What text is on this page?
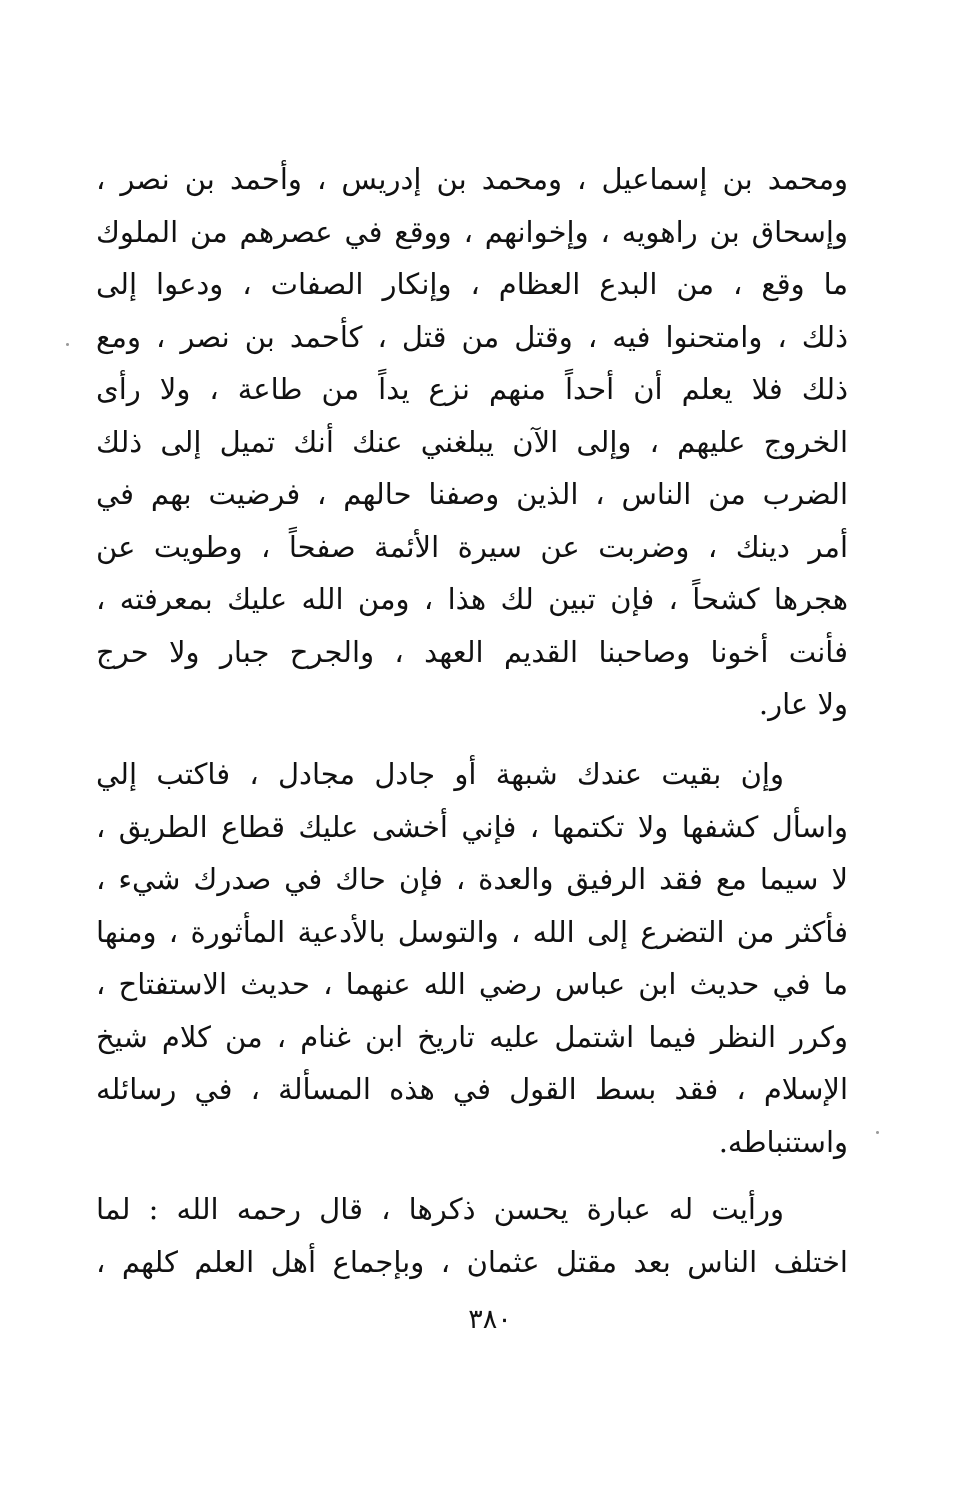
ومحمد بن إسماعيل ، ومحمد بن إدريس ، وأحمد بن نصر ،
وإسحاق بن راهويه ، وإخوانهم ، ووقع في عصرهم من الملوك
ما وقع ، من البدع العظام ، وإنكار الصفات ، ودعوا إلى
ذلك ، وامتحنوا فيه ، وقتل من قتل ، كأحمد بن نصر ، ومع
ذلك فلا يعلم أن أحداً منهم نزع يداً من طاعة ، ولا رأى
الخروج عليهم ، وإلى الآن يبلغني عنك أنك تميل إلى ذلك
الضرب من الناس ، الذين وصفنا حالهم ، فرضيت بهم في
أمر دينك ، وضربت عن سيرة الأئمة صفحاً ، وطويت عن
هجرها كشحاً ، فإن تبين لك هذا ، ومن الله عليك بمعرفته ،
فأنت أخونا وصاحبنا القديم العهد ، والجرح جبار ولا حرج
ولا عار.
وإن بقيت عندك شبهة أو جادل مجادل ، فاكتب إلي
واسأل كشفها ولا تكتمها ، فإني أخشى عليك قطاع الطريق ،
لا سيما مع فقد الرفيق والعدة ، فإن حاك في صدرك شيء ،
فأكثر من التضرع إلى الله ، والتوسل بالأدعية المأثورة ، ومنها
ما في حديث ابن عباس رضي الله عنهما ، حديث الاستفتاح ،
وكرر النظر فيما اشتمل عليه تاريخ ابن غنام ، من كلام شيخ
الإسلام ، فقد بسط القول في هذه المسألة ، في رسائله
واستنباطه.
ورأيت له عبارة يحسن ذكرها ، قال رحمه الله : لما
اختلف الناس بعد مقتل عثمان ، وبإجماع أهل العلم كلهم ،
٣٨٠
